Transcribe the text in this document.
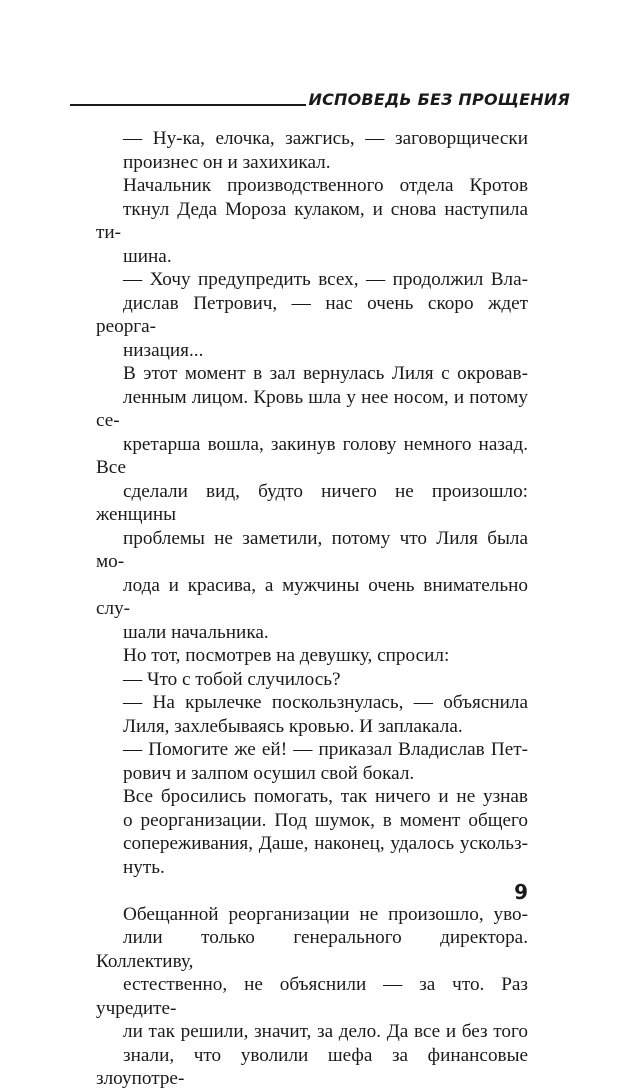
ИСПОВЕДЬ БЕЗ ПРОЩЕНИЯ
— Ну-ка, елочка, зажгись, — заговорщически
произнес он и захихикал.
Начальник производственного отдела Кротов
ткнул Деда Мороза кулаком, и снова наступила ти-
шина.
— Хочу предупредить всех, — продолжил Вла-
дислав Петрович, — нас очень скоро ждет реорга-
низация...
В этот момент в зал вернулась Лиля с окровав-
ленным лицом. Кровь шла у нее носом, и потому се-
кретарша вошла, закинув голову немного назад. Все
сделали вид, будто ничего не произошло: женщины
проблемы не заметили, потому что Лиля была мо-
лода и красива, а мужчины очень внимательно слу-
шали начальника.
Но тот, посмотрев на девушку, спросил:
— Что с тобой случилось?
— На крылечке поскользнулась, — объяснила
Лиля, захлебываясь кровью. И заплакала.
— Помогите же ей! — приказал Владислав Пет-
рович и залпом осушил свой бокал.
Все бросились помогать, так ничего и не узнав
о реорганизации. Под шумок, в момент общего
сопереживания, Даше, наконец, удалось ускольз-
нуть.
Обещанной реорганизации не произошло, уво-
лили только генерального директора. Коллективу,
естественно, не объяснили — за что. Раз учредите-
ли так решили, значит, за дело. Да все и без того
знали, что уволили шефа за финансовые злоупотре-
9
